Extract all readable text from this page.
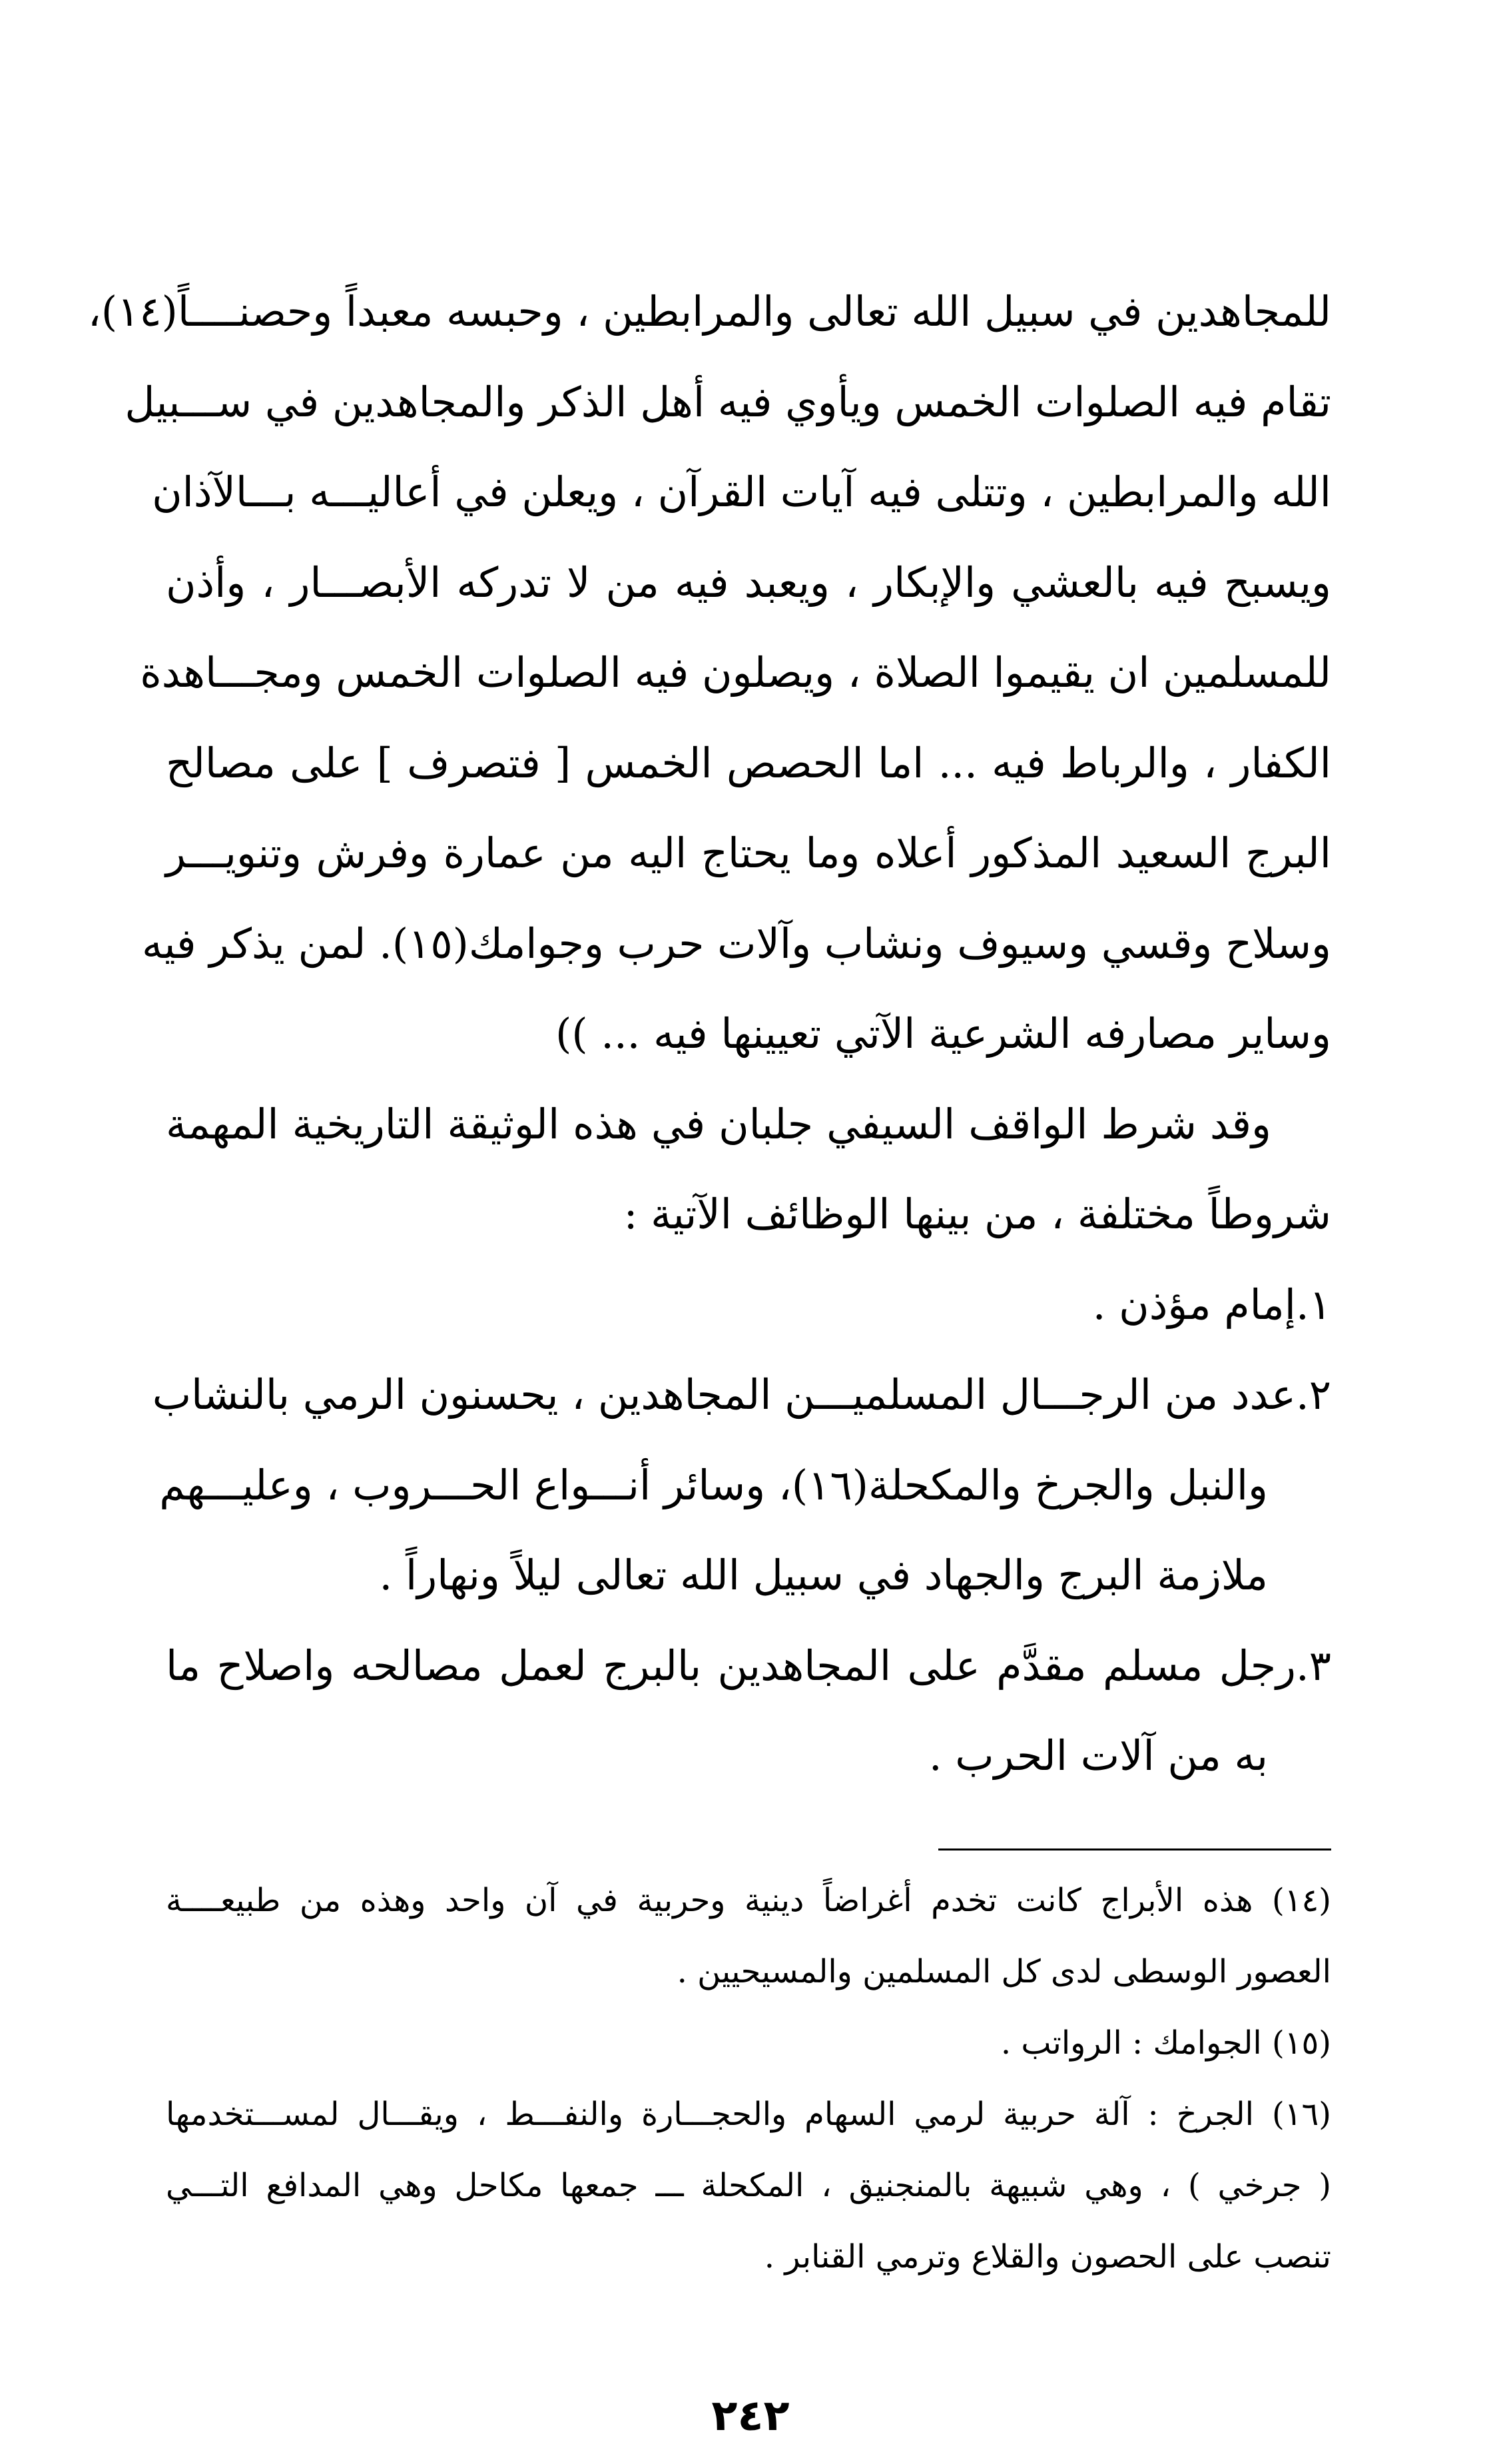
للمجاهدين في سبيل الله تعالى والمرابطين ، وحبسه معبداً وحصنــــاً(١٤)،
تقام فيه الصلوات الخمس ويأوي فيه أهل الذكر والمجاهدين في ســـبيل
الله والمرابطين ، وتتلى فيه آيات القرآن ، ويعلن في أعاليـــه بـــالآذان
ويسبح فيه بالعشي والإبكار ، ويعبد فيه من لا تدركه الأبصـــار ، وأذن
للمسلمين ان يقيموا الصلاة ، ويصلون فيه الصلوات الخمس ومجـــاهدة
الكفار ، والرباط فيه ... اما الحصص الخمس [ فتصرف ] على مصالح
البرج السعيد المذكور أعلاه وما يحتاج اليه من عمارة وفرش وتنويـــر
وسلاح وقسي وسيوف ونشاب وآلات حرب وجوامك(١٥). لمن يذكر فيه
وساير مصارفه الشرعية الآتي تعيينها فيه ... ))
وقد شرط الواقف السيفي جلبان في هذه الوثيقة التاريخية المهمة
شروطاً مختلفة ، من بينها الوظائف الآتية :
١.إمام مؤذن .
٢.عدد من الرجـــال المسلميـــن المجاهدين ، يحسنون الرمي بالنشاب
والنبل والجرخ والمكحلة(١٦)، وسائر أنـــواع الحـــروب ، وعليـــهم
ملازمة البرج والجهاد في سبيل الله تعالى ليلاً ونهاراً .
٣.رجل مسلم مقدَّم على المجاهدين بالبرج لعمل مصالحه واصلاح ما
به من آلات الحرب .
(١٤) هذه الأبراج كانت تخدم أغراضاً دينية وحربية في آن واحد وهذه من طبيعــــة
العصور الوسطى لدى كل المسلمين والمسيحيين .
(١٥) الجوامك : الرواتب .
(١٦) الجرخ : آلة حربية لرمي السهام والحجـــارة والنفـــط ، ويقـــال لمســـتخدمها
( جرخي ) ، وهي شبيهة بالمنجنيق ، المكحلة ـــ جمعها مكاحل وهي المدافع التـــي
تنصب على الحصون والقلاع وترمي القنابر .
٢٤٢
